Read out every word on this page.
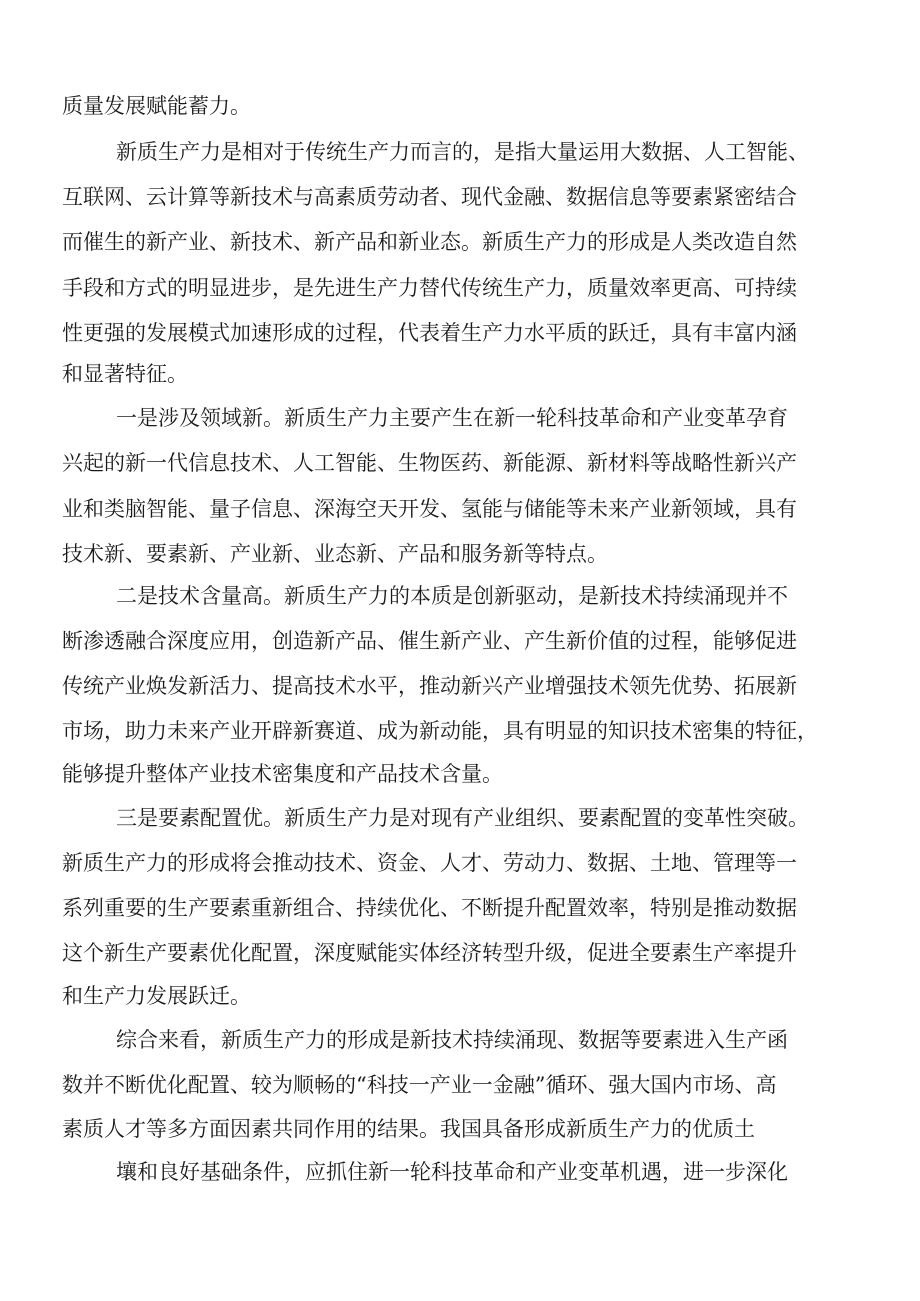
质量发展赋能蓄力。
新质生产力是相对于传统生产力而言的，是指大量运用大数据、人工智能、
互联网、云计算等新技术与高素质劳动者、现代金融、数据信息等要素紧密结合
而催生的新产业、新技术、新产品和新业态。新质生产力的形成是人类改造自然
手段和方式的明显进步，是先进生产力替代传统生产力，质量效率更高、可持续
性更强的发展模式加速形成的过程，代表着生产力水平质的跃迁，具有丰富内涵
和显著特征。
一是涉及领域新。新质生产力主要产生在新一轮科技革命和产业变革孕育
兴起的新一代信息技术、人工智能、生物医药、新能源、新材料等战略性新兴产
业和类脑智能、量子信息、深海空天开发、氢能与储能等未来产业新领域，具有
技术新、要素新、产业新、业态新、产品和服务新等特点。
二是技术含量高。新质生产力的本质是创新驱动，是新技术持续涌现并不
断渗透融合深度应用，创造新产品、催生新产业、产生新价值的过程，能够促进
传统产业焕发新活力、提高技术水平，推动新兴产业增强技术领先优势、拓展新
市场，助力未来产业开辟新赛道、成为新动能，具有明显的知识技术密集的特征，
能够提升整体产业技术密集度和产品技术含量。
三是要素配置优。新质生产力是对现有产业组织、要素配置的变革性突破。
新质生产力的形成将会推动技术、资金、人才、劳动力、数据、土地、管理等一
系列重要的生产要素重新组合、持续优化、不断提升配置效率，特别是推动数据
这个新生产要素优化配置，深度赋能实体经济转型升级，促进全要素生产率提升
和生产力发展跃迁。
综合来看，新质生产力的形成是新技术持续涌现、数据等要素进入生产函
数并不断优化配置、较为顺畅的“科技一产业一金融”循环、强大国内市场、高
素质人才等多方面因素共同作用的结果。我国具备形成新质生产力的优质土
壤和良好基础条件，应抓住新一轮科技革命和产业变革机遇，进一步深化
